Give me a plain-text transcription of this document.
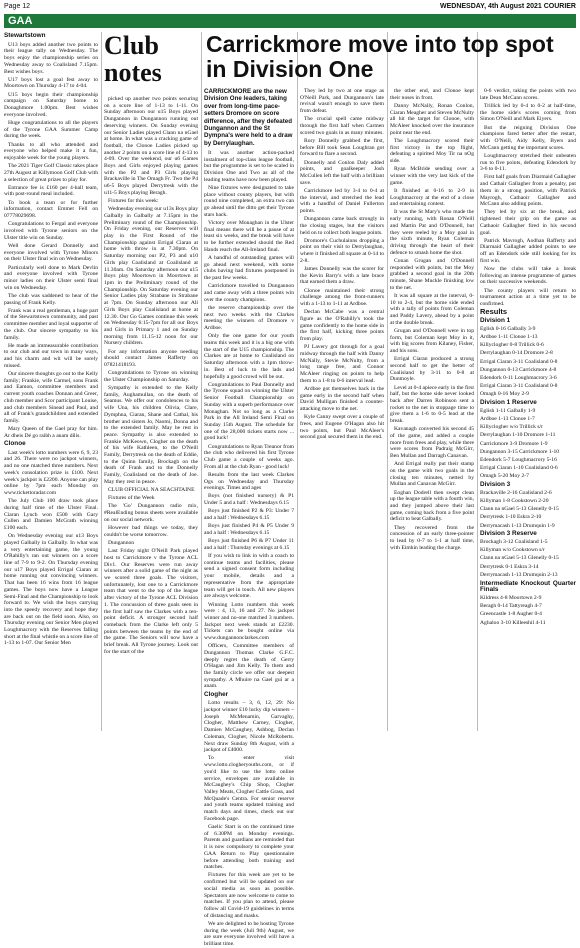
Page 12	WEDNESDAY, 4th August 2021 COURIER
GAA
Stewartstown

U13 boys added another two points to their league tally on Wednesday. The boys enjoy the championship series on Wednesday away to Coalisland 7.15pm. Best wishes boys.

U17 boys lost a goal fest away to Moortown on Thursday 4-17 to 4-04.

U15 boys begin their championship campaign on Saturday home to Donaghmore 1.00pm. Best wishes everyone involved.

Huge congratulations to all the players of the Tyrone GAA Summer Camp during the week.

Thanks to all who attended and everyone who helped make it a fun, enjoyable week for the young players.

The 2021 Tiger Golf Classic takes place 27th August at Killymoon Golf Club with a selection of great prizes to play for.

Entrance fee is £160 per 4-ball team, with post-round meal included.

To book a team or for further information, contact Emmet Fell on 07778029698.

Congratulations to Fergal and everyone involved with Tyrone seniors on the Ulster title win on Sunday.

Well done Gerard Donnelly and everyone involved with Tyrone Minors on their Ulster final win on Wednesday.

Particularly well done to Mark Devlin and everyone involved with Tyrone minor ladies on their Ulster semi final win on Wednesday.

The club was saddened to hear of the passing of Frank Kelly.

Frank was a real gentleman, a huge part of the Stewartstown community, and past committee member and loyal supporter of the club. Our sincere sympathy to his family.

He made an immeasurable contribution to our club and our town in many ways, and his charm and wit will be sorely missed.

Our sincere thoughts go out to the Kelly family; Frankie, wife Carmel, sons Frank and Eamon, committee members and current youth coaches Donnan and Greer, club member and Scor participant Louise, and club members Sinead and Paul, and all of Frank's grandchildren and extended family.

Mary Queen of the Gael pray for him. Ar dheis Dé go raibh a anam dílis.

Clonoe

Last week's lotto numbers were 6, 9, 23 and 26. There were no jackpot winners, and no one matched three numbers. Next week's consolation prize is £100. Next week's jackpot is £2200. Anyone can play online by 7pm each Monday on www.tickettoradar.com

The July Club 100 draw took place during half time of the Ulster Final. Ciaran Lynch won £500 with Gary Cullen and Damien McGrath winning £100 each.

On Wednesday evening our u13 Boys played Galbally in Galbally. In what was a very entertaining game, the young O'Rahilly's ran out winners on a score line of 7-9 to 9-2. On Thursday evening our u17 Boys played Errigal Ciaran at home running out convincing winners. That has been 16 wins from 16 league games. The boys now have a League Semi-Final and the Championship to look forward to. We wish the boys carrying into the speedy recovery and hope they are back out on the field soon. Also, on Thursday evening our Senior Men played Loughmacrory with the Reserves falling short at the final whistle on a score line of 1-13 to 1-07. Our Senior Men

Club notes

picked up another two points securing on a score line of 1-13 to 1-11. On Sunday afternoon our u15 Boys played Dungannon in Dungannon running out deserving winners. On Sunday evening our Senior Ladies played Clann na nGael at home. In what was a cracking game of football, the Clonoe Ladies picked up another 2 points on a score line of 4-13 to 4-09. Over the weekend, our u6 Games Boys and Girls enjoyed playing games with the P2 and P3 Girls playing Brackaville in The Omagh Fr. Two the P4 u6-5 Boys played Derrytresk with the u11-5 Boys playing Beragh.

Fixtures for this week:

Wednesday evening our u13s Boys play Galbally in Galbally at 7.15pm in the Preliminary round of the Championship. On Friday evening, our Reserves will play in the First Round of the Championship against Errigal Ciaran at home with throw in at 7.30pm. On Saturday morning our P2, P3 and u10 Girls play Coalisland at Coalisland at 11.30am. On Saturday afternoon our u15 Boys play Moortown in Moortown at 1pm in the Preliminary round of the Championship. On Saturday evening our Senior Ladies play Strabane in Strabane at 7pm. On Sunday afternoon our All Girls Boys play Coalisland at home at 12.30. Our Go Games continue this week on Wednesday 6:15-7pm for all our Boys and Girls in Primary 1 and on Sunday morning from 11.15-12 noon for our Nursery children.

For any information anyone needing should contact James Rafferty on 07821418193.

Congratulations to Tyrone on winning the Ulster Championship on Saturday.

Sympathy is extended to the Kelly family, Aughamullan, on the death of Seamus. We offer our condolences to his wife Una, his children Olivia, Clare, Dymphna, Ciaran, Shane and Cathal, his brother and sisters Jo, Naomi, Donna and to the extended family. May he rest in peace. Sympathy is also extended to Frankie McKeown, Clogher on the death of his wife Kathleen, to the O'Neill Family, Derrytresk on the death of Eddie, to the Quinn family, Brockagh on the death of Frank and to the Donnelly Family, Coalisland on the death of Joe. May they rest in peace.

CLUB OFFICIAL NA SEACHTAINE

Fixtures of the Week

The 'Go' Dungannon radio mix, #RealEnding bonus sheets were available on our social network.

However bad things we today, they couldn't be worse tomorrow.

Dungannon

Last Friday night O'Neill Park played host to Carrickmore v the Tyrone ACL Div1. Our Reserves were run away winners after a solid game of the night as we scored three goals. The visitors, unfortunately, lost one to a Carrickmore team that went to the top of the league after victory of the Tyrone ACL Division 1. The concussion of three goals seen in the first half saw the Clarkes with a ten-point deficit. A stronger second half comeback from the Clarke left only 5 points between the teams by the end of the game. The Seniors will now have a brief break. All Tyrone journey. Look out for the start of the

Carrickmore move into top spot in Division One

CARRICKMORE are the new Division One leaders, taking over from long-time pace-setters Dromore on score difference, after they defeated Dungannon and the St Dympna's were held to a draw by Derrylaughan.

It was another action-packed instalment of top-class league football, but the programme is set to be scaled in Division One and Two as all of the leading teams have now been played.

Nine fixtures were designated to take place without county players, but with round nine completed, an extra two can go ahead until the ditto get their Tyrone stars back.

Victory over Monaghan in the Ulster final means there will be a pause of at least six weeks, and the break will have to be further extended should the Red Hands reach the All-Ireland final.

A handful of outstanding games will go ahead next weekend, with some clubs having had fixtures postponed in the past few weeks.

Carrickmore travelled to Dungannon and came away with a three points win over the county champions.

the reserve championship over the next two weeks with the Clarkes meeting the winners of Dromore v Ardboe.

Only the one game for our youth teams this week and it is a big one with the start of the U15 championship. The Clarkes are at home to Coalisland on Saturday afternoon with a 1pm throw-in. Best of luck to the lads and hopefully a good crowd will be out.

Congratulations to Paul Donnelly and the Tyrone squad on winning the Ulster Senior Football Championship on Sunday with a superb performance over Monaghan. Not so long as a Clarke Park in the All Ireland Semi Final on Sunday 15th August. The schedule for one of the 28,000 tickets starts now ... good luck!

Congratulations to Ryan Treanor from the club who delivered his first Tyrone Club game a couple of weeks ago. From all at the club Ryan - good luck!

Results from the last week Clarkes Ogs on Wednesday and Thursday evenings. Times and ages

Boys (not finished nursery) & P1 Under 5 and a half : Wednesdays 6.15

Boys just finished P2 & P3: Under 7 and a half : Wednesdays 6.15

Boys just finished P4 & P5 Under 9 and a half : Wednesdays 6.15

Boys just finished P6 & P7 Under 11 and a half : Thursday evenings at 6.15

If you wish to link in with a coach to continue teams and facilities, please send a signed consent form including your mobile, details and a representative from the appropriate team will get in touch. All new players are always welcome.

Winning Lotto numbers this week were : 4, 13, 16 and 27. No jackpot winner and no-one matched 3 numbers. Jackpot next week stands at £2230. Tickets can be bought online via www.dungannonclarkes.com

Officers, Committee members of Dungannon Thomas Clarke G.F.C. deeply regret the death of Gerry O'Hagan and Jim Kelly. To them and the family circle we offer our deepest sympathy. A Mhuire na Gael guí ar a anam.

Clogher

Lotto results – 3, 6, 12, 29: No jackpot winner £10 lucky dip winners – Joseph McMenamin, Garvaghy, Clogher, Matthew Carney, Clogher, Damien McCaughey, Ashbog, Declan Coleman, Clogher, Nicole McRoberts. Next draw Sunday 8th August, with a jackpot of £4000.

To enter visit www.lotto.clogheryouths.com, or if you'd like to use the lotto online service, envelopes are available in McCaughey's Chip Shop, Clogher Valley Meats, Clogher Cattle Grass, and McQuade's Centra. For senior reserve and youth teams updated training and match days and times, check out our Facebook page.

Gaelic Start is on the continued time of 6.30PM on Monday evenings. Parents and guardians are reminded that it is now compulsory to complete your GAA Return to Play questionnaire before attending both training and matches.

Fixtures for this week are yet to be confirmed but will be updated on our social media as soon as possible. Spectators are now welcome to come to matches. If you plan to attend, please follow all Covid-19 guidelines in terms of distancing and masks.

We are delighted to be hosting Tyrone during the week (Juli 9th) August, we are sure everyone involved will have a brilliant time.

They led by two at one stage as O'Neill Park, and Dungannon's late revival wasn't enough to save them from defeat.

The crucial spell came midway through the first half when Carmen scored two goals in as many minutes.

Rory Donnelly grabbed the first, before Bill took Sean Loughran got forward to flare a second.

Donnelly and Conlon Daly added points, and goalkeeper Josh McCullen left the half with a brilliant save.

Carrickmore led by 3-4 to 0-4 at the interval, and stretched the lead with a handful of Daniel Fullerton points.

Dungannon came back strongly in the closing stages, but the visitors held on to collect both league points.

Dromore's Cuchulainns dropping a point on their visit to Derrylaughan, where it finished all square at 0-14 to 2-8.

James Donnelly was the scorer for the Kevin Barry's with a late brace that earned them a draw.

Clonoe maintained their strong challenge among the front-runners with a 1-13 to 1-11 at Ardboe.

Declan McCabe was a central figure as the O'Rahilly's took the game confidently to the home side in the first half, kicking three points from play.

PJ Lavery got through for a goal midway through the half with Danny McNally, Stevie McNulty, from a long range free, and Connor McAleer ringing on points to help them to a 1-8 to 0-6 interval lead.

Ardboe got themselves back in the game early in the second half when David Mulligan finished a counter-attacking move to the net.

Kyle Canny swept over a couple of frees, and Eugene O'Hagan also hit two points, but Paul McAleer's second goal secured them in the end.

the other end, and Clonoe kept their noses in front.

Danny McNally, Ronan Conlon, Ciaran Meagher and Steven McNulty all hit the target for Clonoe, with McAleer knocked over the insurance point near the end.

The Loughmacrory scored their first victory in the top flight, defeating a spirited Moy Tir na nOg side.

Ryan McBride sending over a winner with the very last kick of the game.

It finished at 0-16 to 2-9 in Loughmacrory at the end of a close and entertaining contest.

It was the St Mary's who made the early running, with Ronan O'Neill and Martin Pat and O'Donnell, but they were reeled by a Moy goal in the sixth minute, Ryan Coleman driving through the heart of their defence to smash home the shot.

Conan Grugan and O'Donnell responded with points, but the Moy grabbed a second goal in the 20th minute, Shane Muckle finishing low to the net.

It was all square at the interval, 0-10 to 2-4, but the home side ended with a tally of points from Coleman and Paddy Lavery, ahead by a point at the double break.

Grugan and O'Donnell were in top form, but Coleman kept Moy in it, with big scores from Kilaney, Fisher, and his sons.

Errigal Ciaran produced a strong second half to get the better of Coalisland by 3-11 to 0-8 at Dunmoyle.

Level at 0-4 apiece early in the first half, but the home side never looked back after Darren Robinson sent a rocket to the net in stoppage time to give them a 1-6 to 0-5 lead at the break.

Kavanagh converted his second 45 of the game, and added a couple more from frees and play, while there were scores from Padraig McGirr, Ben Mullan and Darragh Canavan.

And Errigal really put their stamp on the game with two goals in the closing ten minutes, netted by Mullan and Canavan McGirr.

Eoghan Dodrell then swept clean up the league table with a fourth win, and they jumped above their last game, coming back from a five point deficit to beat Galbally.

They recovered from the concession of an early three-pointer to lead by 0-7 to 1-1 at half time, with Eimhin leading the charge.

0-6 verdict, taking the points with two late Dean McCann scores.

Trillick led by 0-4 to 0-2 at half-time, the home side's scores coming from Simon O'Neill and Mark Eiyers.

But the reigning Division One champions fared better after the restart, with O'Neill, Aidy Kelly, Byers and McCann getting the important scores.

Loughmacrory stretched their unbeaten run to five points, defeating Edendork by 3-6 to 0-11.

First half goals from Diarmaid Gallagher and Cathair Gallagher from a penalty, put them in a strong position, with Patrick Mayrogh, Cathaoir Gallagher and McCann also adding points.

They led by six at the break, and tightened their grip on the game as Cathaoir Gallagher fired in his second goal.

Patrick Mavrogh, Aodhan Rafferty and Diarmaid Gallagher added points to see off an Edendork side still looking for its first win.

Now the clubs will take a break following an intense programme of games on their successive weekends.

The county players will return to tournament action at a time yet to be confirmed.

Results
Division 1
Eglish 0-16 Galbally 3-9
Ardboe 1-11 Clonoe 1-13
Killyclogher 0-8 Trillick 0-6
Derrylaughan 0-14 Dromore 2-8
Errigal Ciaran 3-11 Coalisland 0-8
Dungannon 0-13 Carrickmore 4-8
Edendork 0-11 Loughmacrory 3-6
Errigal Ciaran 3-11 Coalisland 0-8
Omagh 0-16 Moy 2-9
Division 1 Reserve
Eglish 1-11 Galbally 1-9
Ardboe 1-13 Clonoe 1-7
Killyclogher w/o Trillick s/r
Derrylaughan 1-10 Dromore 1-11
Carrickmore 3-9 Dromore 1-9
Dungannon 3-15 Carrickmore 1-10
Edendork 5-7 Loughmacrory 5-16
Errigal Ciaran 1-10 Coalisland 0-6
Omagh 5-20 Moy 2-7
Division 3
Brackaville 2-16 Coalisland 2-6
Killyman 1-8 Cookstown 2-20
Clann na nGael 5-13 Glenelly 0-15
Derrytresk 1-10 Eskra 2-10
Derrymacash 1-13 Drumquin 1-9
Division 3 Reserve
Brockagh 3-12 Coalisland 1-5
Killyman w/o Cookstown s/r
Clann na nGael 5-13 Glenelly 0-15
Derrytresk 0-1 Eskra 3-14
Derrymacash 1-13 Drumquin 2-13
Intermediate Knockout Quarter Finals
Kildress 4-8 Moortown 2-9
Beragh 0-14 Tattyreagh 4-7
Greencastle 1-8 Augher 0-4
Aghaloo 3-10 Killeeshil 4-11
